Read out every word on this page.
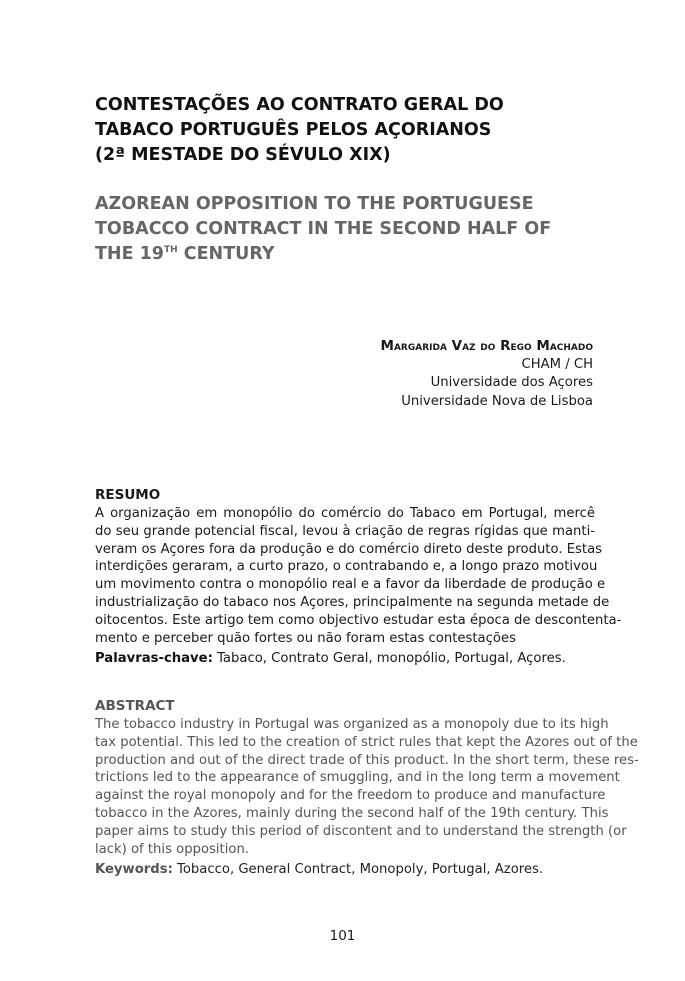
CONTESTAÇÕES AO CONTRATO GERAL DO
TABACO PORTUGUÊS PELOS AÇORIANOS
(2ª MESTADE DO SÉVULO XIX)
AZOREAN OPPOSITION TO THE PORTUGUESE
TOBACCO CONTRACT IN THE SECOND HALF OF
THE 19TH CENTURY
Margarida Vaz do Rego Machado
CHAM / CH
Universidade dos Açores
Universidade Nova de Lisboa
RESUMO
A organização em monopólio do comércio do Tabaco em Portugal, mercê
do seu grande potencial fiscal, levou à criação de regras rígidas que manti-
veram os Açores fora da produção e do comércio direto deste produto. Estas
interdições geraram, a curto prazo, o contrabando e, a longo prazo motivou
um movimento contra o monopólio real e a favor da liberdade de produção e
industrialização do tabaco nos Açores, principalmente na segunda metade de
oitocentos. Este artigo tem como objectivo estudar esta época de descontenta-
mento e perceber quão fortes ou não foram estas contestações
Palavras-chave: Tabaco, Contrato Geral, monopólio, Portugal, Açores.
ABSTRACT
The tobacco industry in Portugal was organized as a monopoly due to its high
tax potential. This led to the creation of strict rules that kept the Azores out of the
production and out of the direct trade of this product. In the short term, these res-
trictions led to the appearance of smuggling, and in the long term a movement
against the royal monopoly and for the freedom to produce and manufacture
tobacco in the Azores, mainly during the second half of the 19th century. This
paper aims to study this period of discontent and to understand the strength (or
lack) of this opposition.
Keywords: Tobacco, General Contract, Monopoly, Portugal, Azores.
101
